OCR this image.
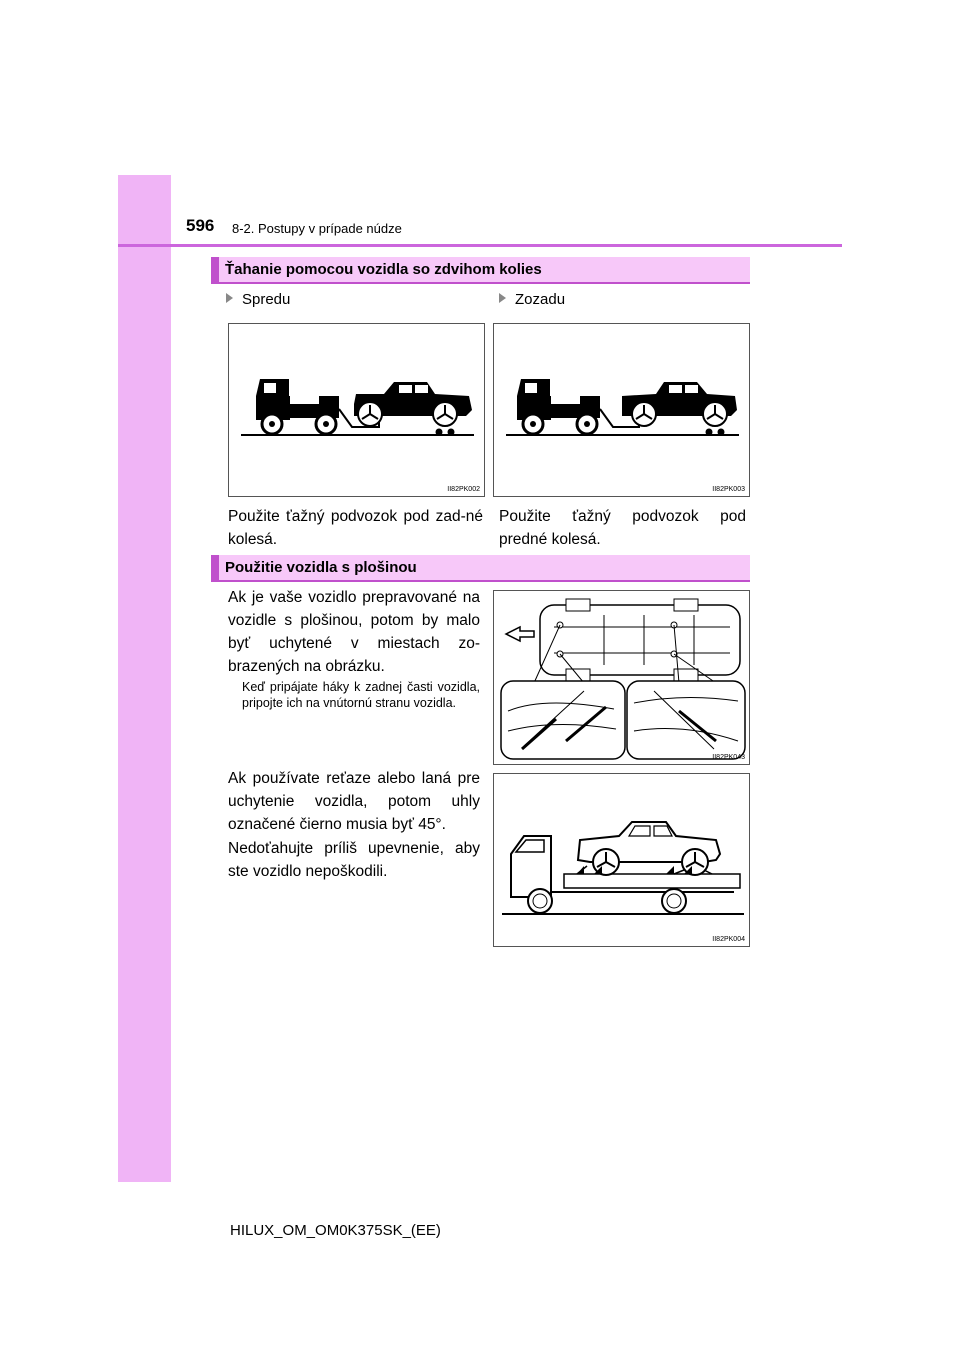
596 8-2. Postupy v prípade núdze
Ťahanie pomocou vozidla so zdvihom kolies
Spredu	Zozadu
II82PK002	II82PK003

Použite ťažný podvozok pod zad-né kolesá.

Použite ťažný podvozok pod predné kolesá.

Použitie vozidla s plošinou

Ak je vaše vozidlo prepravované na vozidle s plošinou, potom by malo byť uchytené v miestach zo-brazených na obrázku.

Keď pripájate háky k zadnej časti vozidla, pripojte ich na vnútornú stranu vozidla.

II82PK043

Ak používate reťaze alebo laná pre uchytenie vozidla, potom uhly označené čierno musia byť 45°.

Nedoťahujte príliš upevnenie, aby ste vozidlo nepoškodili.

II82PK004
HILUX_OM_OM0K375SK_(EE)
